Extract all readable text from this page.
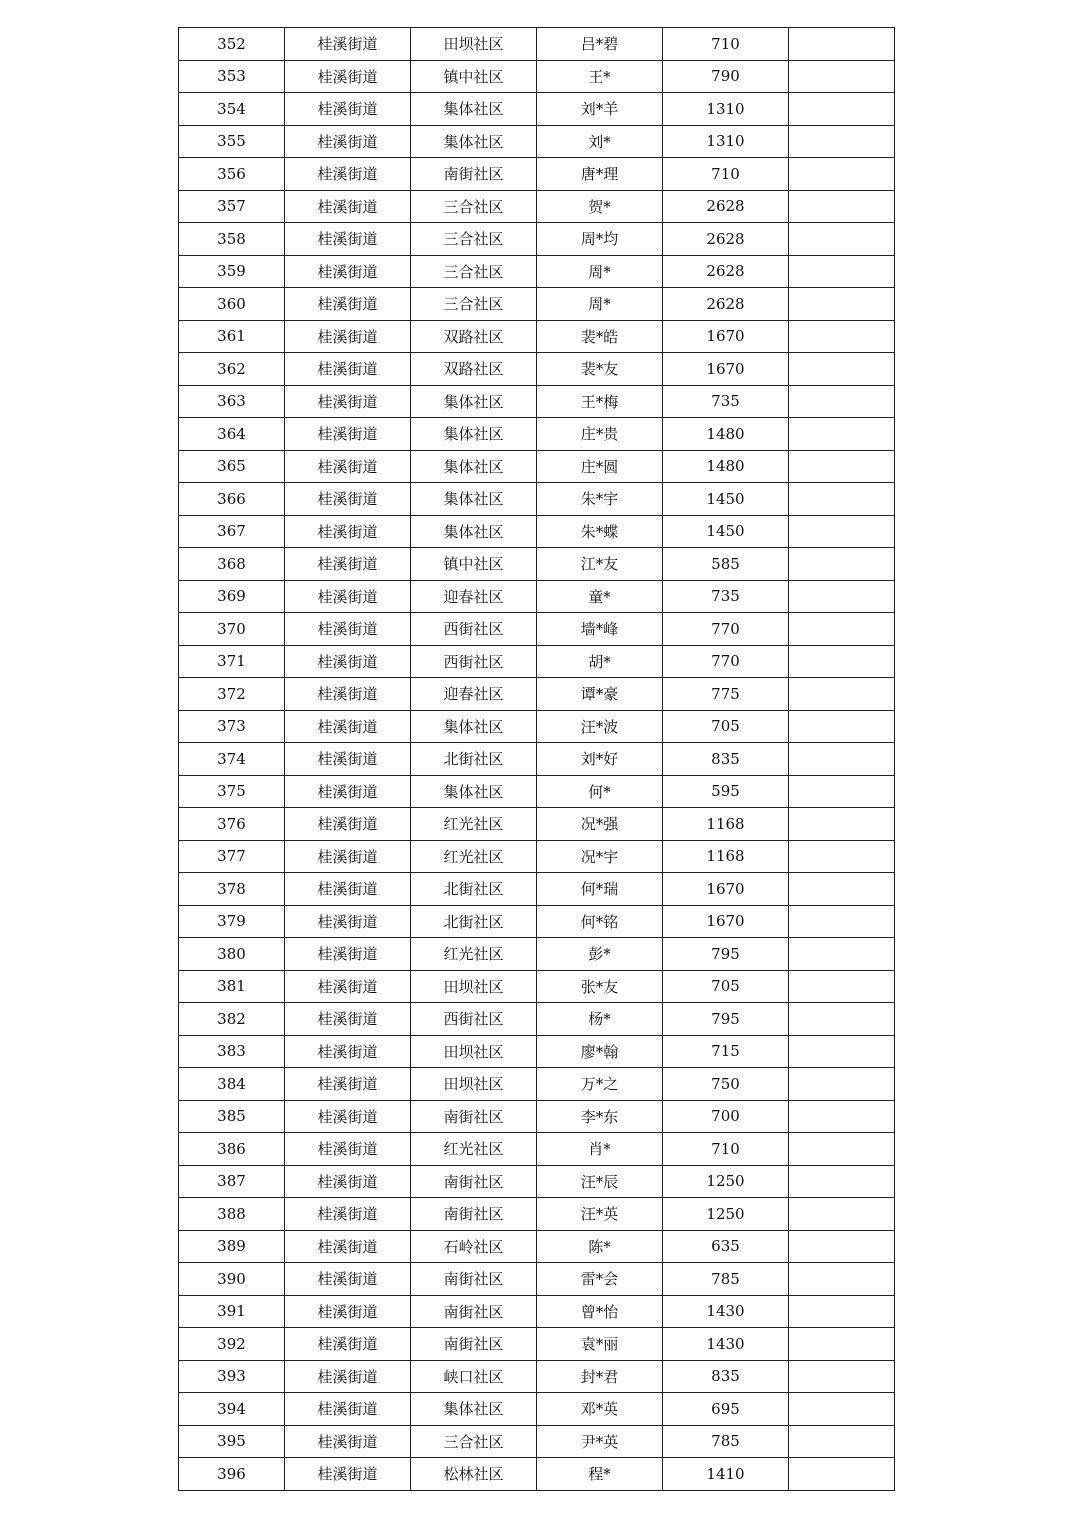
352	桂溪街道	田坝社区	吕*碧	710	
353	桂溪街道	镇中社区	王*	790	
354	桂溪街道	集体社区	刘*羊	1310	
355	桂溪街道	集体社区	刘*	1310	
356	桂溪街道	南街社区	唐*理	710	
357	桂溪街道	三合社区	贺*	2628	
358	桂溪街道	三合社区	周*均	2628	
359	桂溪街道	三合社区	周*	2628	
360	桂溪街道	三合社区	周*	2628	
361	桂溪街道	双路社区	裴*皓	1670	
362	桂溪街道	双路社区	裴*友	1670	
363	桂溪街道	集体社区	王*梅	735	
364	桂溪街道	集体社区	庄*贵	1480	
365	桂溪街道	集体社区	庄*圆	1480	
366	桂溪街道	集体社区	朱*宇	1450	
367	桂溪街道	集体社区	朱*蝶	1450	
368	桂溪街道	镇中社区	江*友	585	
369	桂溪街道	迎春社区	童*	735	
370	桂溪街道	西街社区	墙*峰	770	
371	桂溪街道	西街社区	胡*	770	
372	桂溪街道	迎春社区	谭*豪	775	
373	桂溪街道	集体社区	汪*波	705	
374	桂溪街道	北街社区	刘*好	835	
375	桂溪街道	集体社区	何*	595	
376	桂溪街道	红光社区	况*强	1168	
377	桂溪街道	红光社区	况*宇	1168	
378	桂溪街道	北街社区	何*瑞	1670	
379	桂溪街道	北街社区	何*铭	1670	
380	桂溪街道	红光社区	彭*	795	
381	桂溪街道	田坝社区	张*友	705	
382	桂溪街道	西街社区	杨*	795	
383	桂溪街道	田坝社区	廖*翰	715	
384	桂溪街道	田坝社区	万*之	750	
385	桂溪街道	南街社区	李*东	700	
386	桂溪街道	红光社区	肖*	710	
387	桂溪街道	南街社区	汪*辰	1250	
388	桂溪街道	南街社区	汪*英	1250	
389	桂溪街道	石岭社区	陈*	635	
390	桂溪街道	南街社区	雷*会	785	
391	桂溪街道	南街社区	曾*怡	1430	
392	桂溪街道	南街社区	袁*丽	1430	
393	桂溪街道	峡口社区	封*君	835	
394	桂溪街道	集体社区	邓*英	695	
395	桂溪街道	三合社区	尹*英	785	
396	桂溪街道	松林社区	程*	1410	
